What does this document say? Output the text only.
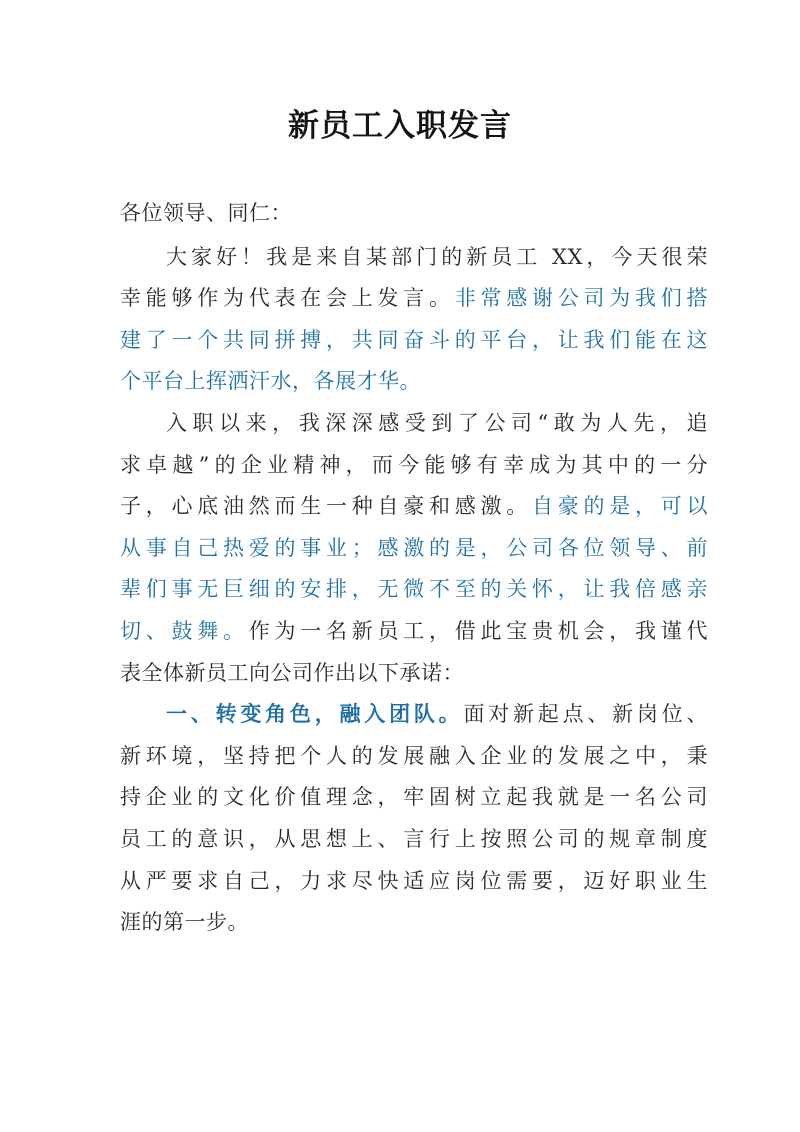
新员工入职发言
各位领导、同仁：
大家好！我是来自某部门的新员工 XX，今天很荣
幸能够作为代表在会上发言。非常感谢公司为我们搭
建了一个共同拼搏，共同奋斗的平台，让我们能在这
个平台上挥洒汗水，各展才华。
入职以来，我深深感受到了公司“敢为人先，追
求卓越”的企业精神，而今能够有幸成为其中的一分
子，心底油然而生一种自豪和感激。自豪的是，可以
从事自己热爱的事业；感激的是，公司各位领导、前
辈们事无巨细的安排，无微不至的关怀，让我倍感亲
切、鼓舞。作为一名新员工，借此宝贵机会，我谨代
表全体新员工向公司作出以下承诺：
一、转变角色，融入团队。面对新起点、新岗位、
新环境，坚持把个人的发展融入企业的发展之中，秉
持企业的文化价值理念，牢固树立起我就是一名公司
员工的意识，从思想上、言行上按照公司的规章制度
从严要求自己，力求尽快适应岗位需要，迈好职业生
涯的第一步。
